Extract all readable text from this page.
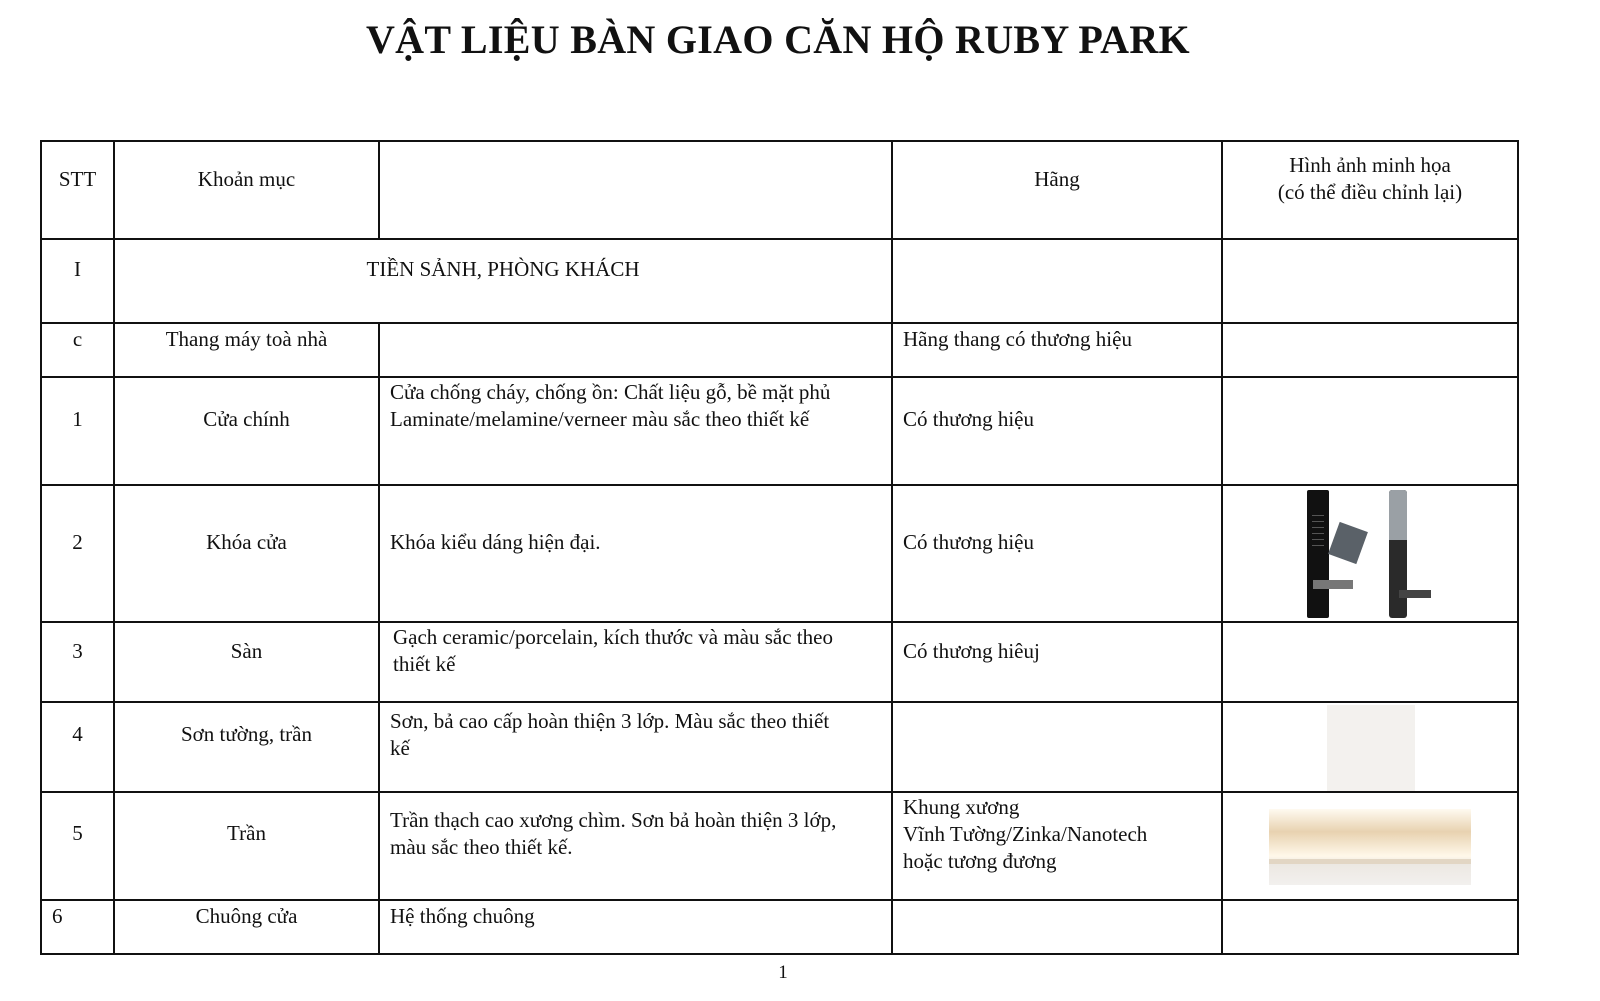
VẬT LIỆU BÀN GIAO CĂN HỘ RUBY PARK
STT	Khoản mục		Hãng	Hình ảnh minh họa
(có thể điều chỉnh lại)

I	TIỀN SẢNH, PHÒNG KHÁCH			
c	Thang máy toà nhà		Hãng thang có thương hiệu	
1	Cửa chính	Cửa chống cháy, chống ồn: Chất liệu gỗ, bề mặt phủ Laminate/melamine/verneer màu sắc theo thiết kế	Có thương hiệu	
2	Khóa cửa	Khóa kiểu dáng hiện đại.	Có thương hiệu	

3	Sàn	Gạch ceramic/porcelain, kích thước và màu sắc theo thiết kế	Có thương hiêuj	
4	Sơn tường, trần	Sơn, bả cao cấp hoàn thiện 3 lớp. Màu sắc theo thiết kế		

5	Trần	Trần thạch cao xương chìm. Sơn bả hoàn thiện 3 lớp, màu sắc theo thiết kế.	Khung xương
Vĩnh Tường/Zinka/Nanotech
hoặc tương đương	

6	Chuông cửa	Hệ thống chuông		
1
